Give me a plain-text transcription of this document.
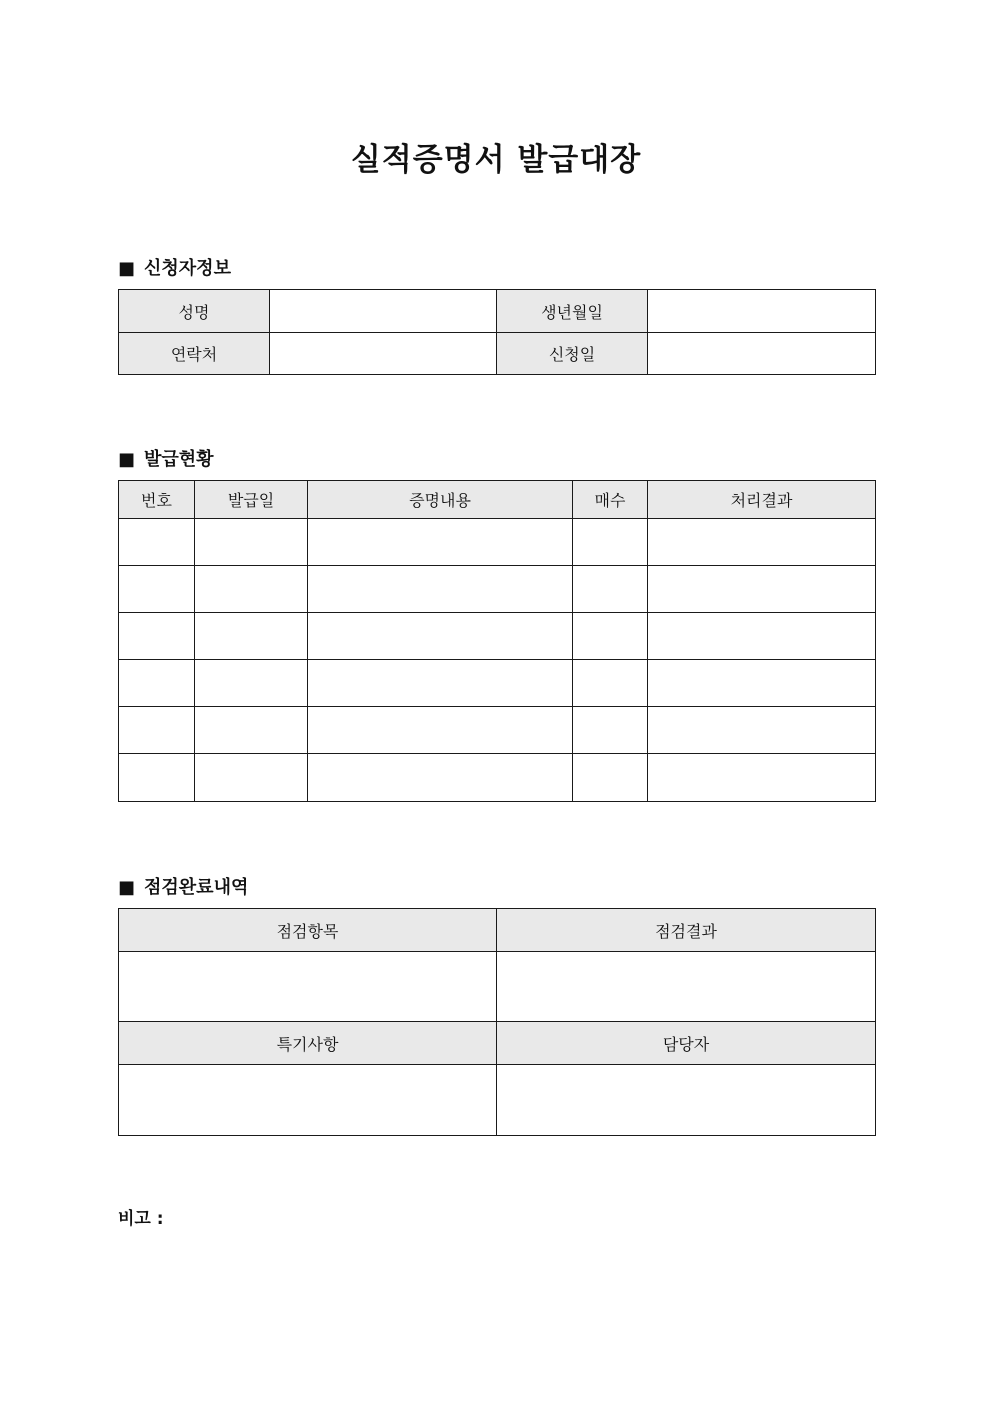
실적증명서 발급대장
■ 신청자정보
성명		생년월일	
연락처		신청일	
■ 발급현황
번호	발급일	증명내용	매수	처리결과

■ 점검완료내역
점검항목	점검결과

특기사항	담당자

비고 :
